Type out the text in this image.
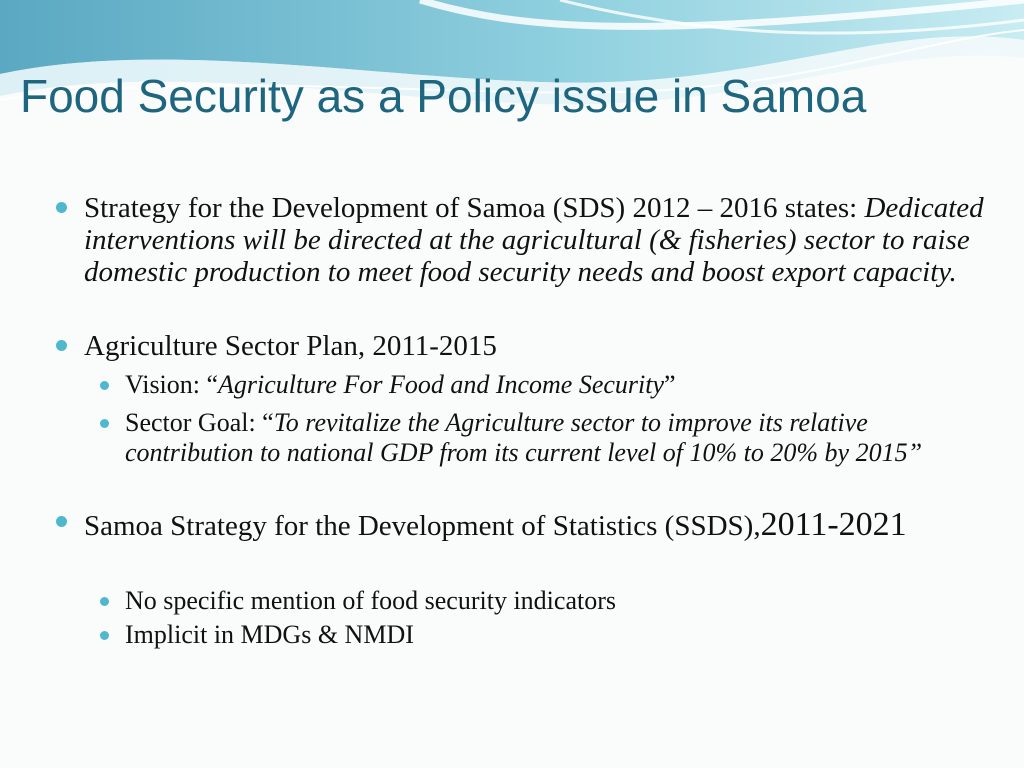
Food Security as a Policy issue in Samoa
Strategy for the Development of Samoa (SDS) 2012 – 2016 states: Dedicated interventions will be directed at the agricultural (& fisheries) sector to raise domestic production to meet food security needs and boost export capacity.
Agriculture Sector Plan, 2011-2015
Vision: “Agriculture For Food and Income Security”
Sector Goal: “To revitalize the Agriculture sector to improve its relative contribution to national GDP from its current level of 10% to 20% by 2015”
Samoa Strategy for the Development of Statistics (SSDS),2011-2021
No specific mention of food security indicators
Implicit in MDGs & NMDI
